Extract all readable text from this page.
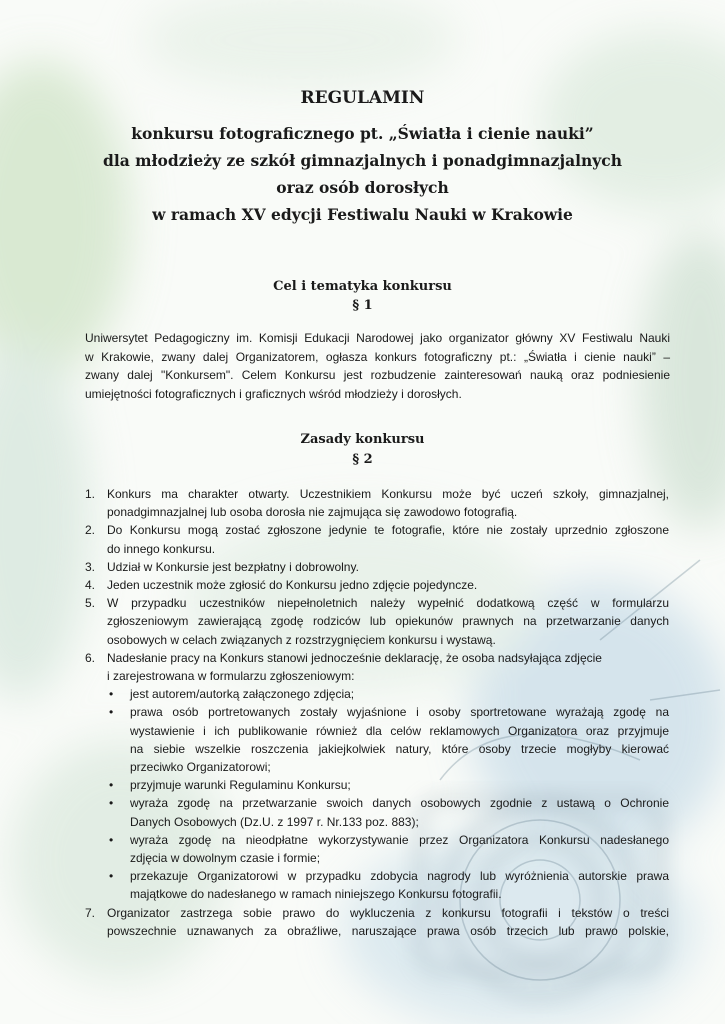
REGULAMIN
konkursu fotograficznego pt. „Światła i cienie nauki”
dla młodzieży ze szkół gimnazjalnych i ponadgimnazjalnych
oraz osób dorosłych
w ramach XV edycji Festiwalu Nauki w Krakowie
Cel i tematyka konkursu
§ 1
Uniwersytet Pedagogiczny im. Komisji Edukacji Narodowej jako organizator główny XV Festiwalu Nauki
w Krakowie, zwany dalej Organizatorem, ogłasza konkurs fotograficzny pt.: „Światła i cienie nauki” –
zwany dalej "Konkursem". Celem Konkursu jest rozbudzenie zainteresowań nauką oraz podniesienie
umiejętności fotograficznych i graficznych wśród młodzieży i dorosłych.
Zasady konkursu
§ 2
1. Konkurs ma charakter otwarty. Uczestnikiem Konkursu może być uczeń szkoły, gimnazjalnej,
ponadgimnazjalnej lub osoba dorosła nie zajmująca się zawodowo fotografią.
2. Do Konkursu mogą zostać zgłoszone jedynie te fotografie, które nie zostały uprzednio zgłoszone
do innego konkursu.
3. Udział w Konkursie jest bezpłatny i dobrowolny.
4. Jeden uczestnik może zgłosić do Konkursu jedno zdjęcie pojedyncze.
5. W przypadku uczestników niepełnoletnich należy wypełnić dodatkową część w formularzu
zgłoszeniowym zawierającą zgodę rodziców lub opiekunów prawnych na przetwarzanie danych
osobowych w celach związanych z rozstrzygnięciem konkursu i wystawą.
6. Nadesłanie pracy na Konkurs stanowi jednocześnie deklarację, że osoba nadsyłająca zdjęcie
i zarejestrowana w formularzu zgłoszeniowym:
• jest autorem/autorką załączonego zdjęcia;
• prawa osób portretowanych zostały wyjaśnione i osoby sportretowane wyrażają zgodę na
wystawienie i ich publikowanie również dla celów reklamowych Organizatora oraz przyjmuje
na siebie wszelkie roszczenia jakiejkolwiek natury, które osoby trzecie mogłyby kierować
przeciwko Organizatorowi;
• przyjmuje warunki Regulaminu Konkursu;
• wyraża zgodę na przetwarzanie swoich danych osobowych zgodnie z ustawą o Ochronie
Danych Osobowych (Dz.U. z 1997 r. Nr.133 poz. 883);
• wyraża zgodę na nieodpłatne wykorzystywanie przez Organizatora Konkursu nadesłanego
zdjęcia w dowolnym czasie i formie;
• przekazuje Organizatorowi w przypadku zdobycia nagrody lub wyróżnienia autorskie prawa
majątkowe do nadesłanego w ramach niniejszego Konkursu fotografii.
7. Organizator zastrzega sobie prawo do wykluczenia z konkursu fotografii i tekstów o treści
powszechnie uznawanych za obraźliwe, naruszające prawa osób trzecich lub prawo polskie,
